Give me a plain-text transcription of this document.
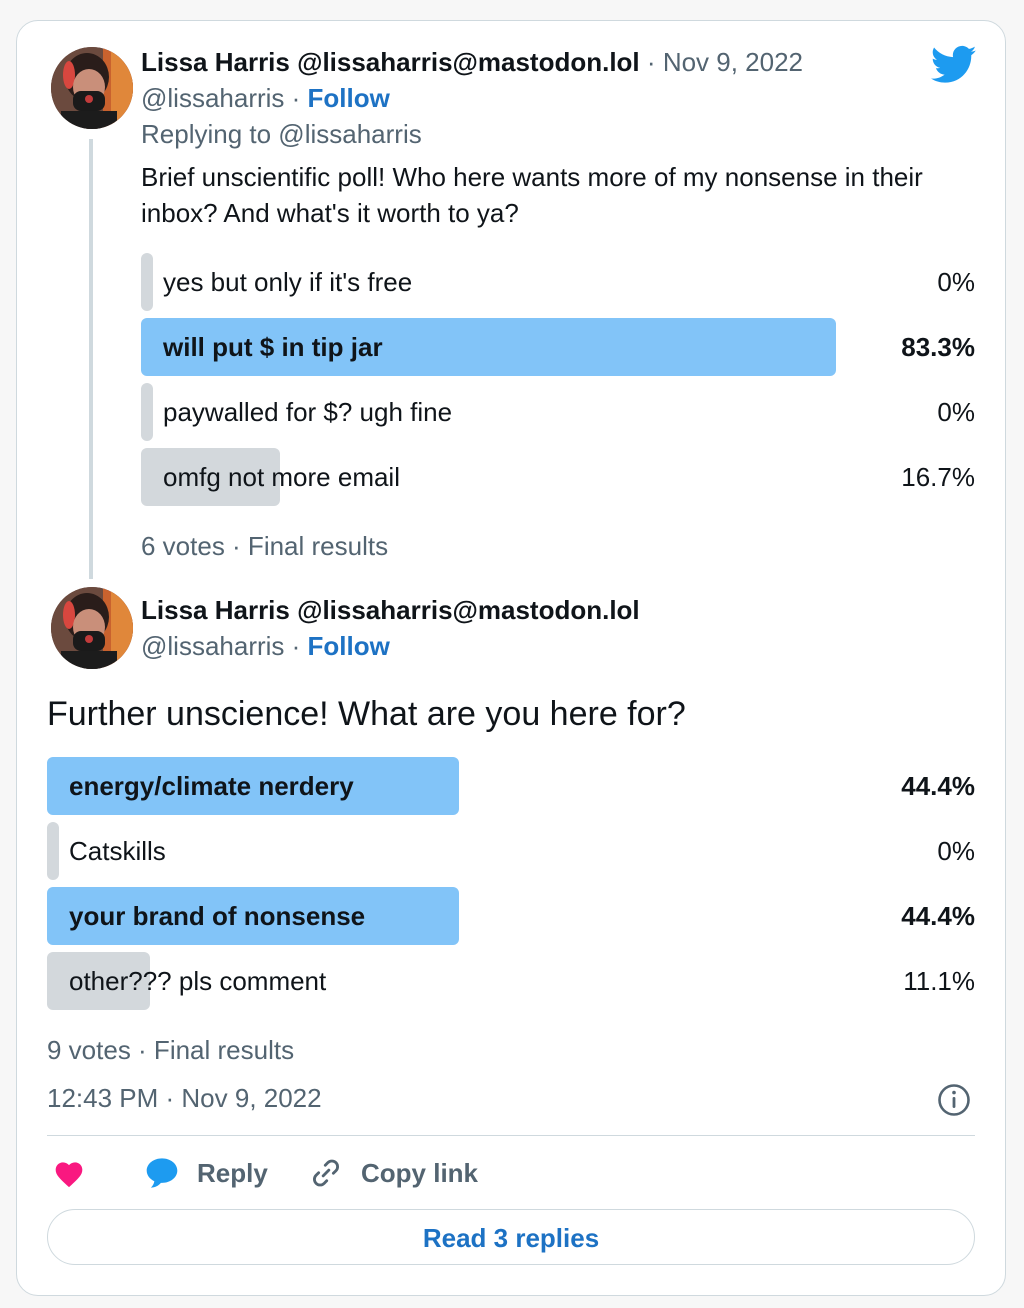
Lissa Harris @lissaharris@mastodon.lol · Nov 9, 2022
@lissaharris · Follow
Replying to @lissaharris
Brief unscientific poll! Who here wants more of my nonsense in their inbox? And what's it worth to ya?
yes but only if it's free	0%
will put $ in tip jar	83.3%
paywalled for $? ugh fine	0%
omfg not more email	16.7%
6 votes · Final results
Lissa Harris @lissaharris@mastodon.lol
@lissaharris · Follow
Further unscience! What are you here for?
energy/climate nerdery	44.4%
Catskills	0%
your brand of nonsense	44.4%
other??? pls comment	11.1%
9 votes · Final results
12:43 PM · Nov 9, 2022
Reply	Copy link
Read 3 replies
